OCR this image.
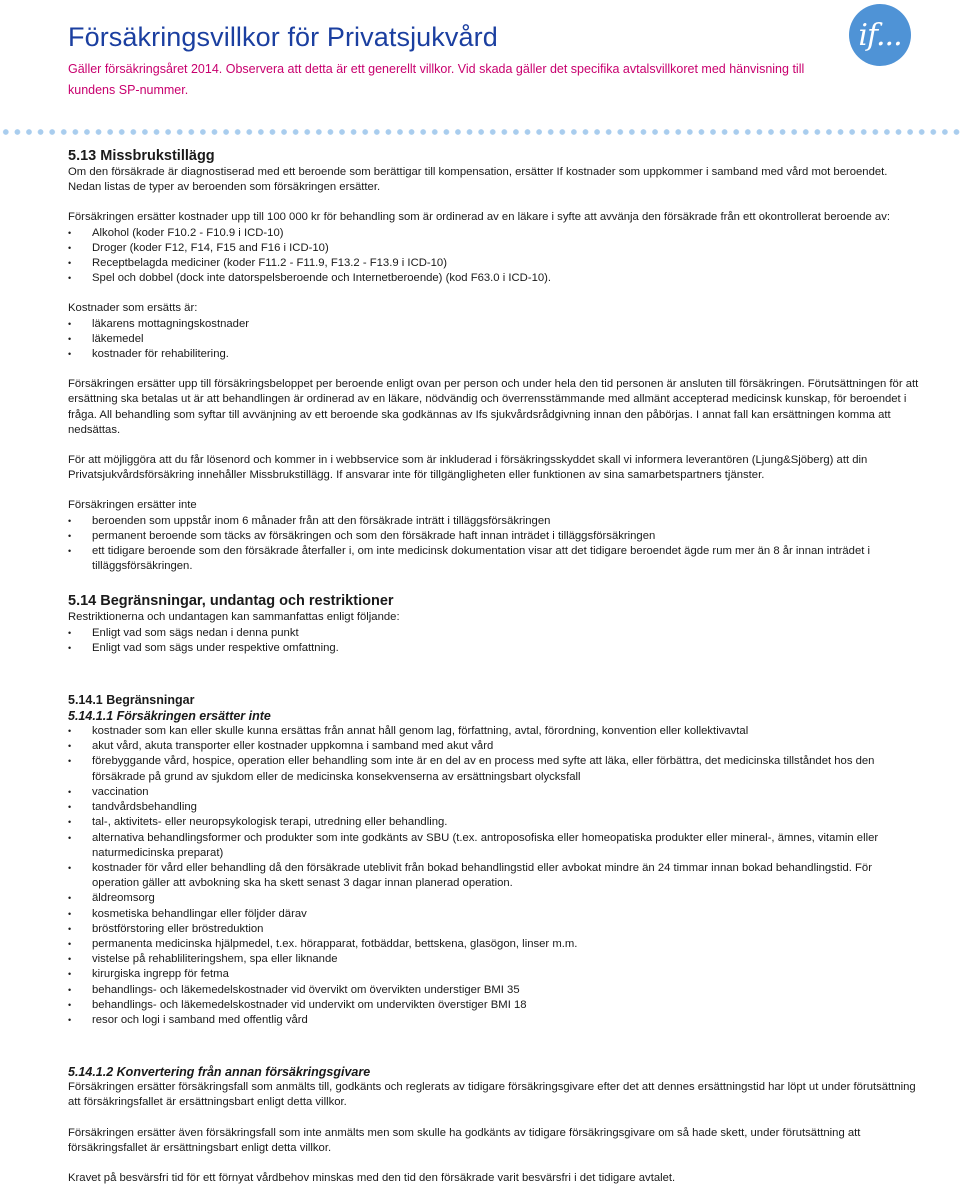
Försäkringsvillkor för Privatsjukvård
Gäller försäkringsåret 2014. Observera att detta är ett generellt villkor. Vid skada gäller det specifika avtalsvillkoret med hänvisning till kundens SP-nummer.
if...
5.13 Missbrukstillägg

Om den försäkrade är diagnostiserad med ett beroende som berättigar till kompensation, ersätter If kostnader som uppkommer i samband med vård mot beroendet. Nedan listas de typer av beroenden som försäkringen ersätter.

Försäkringen ersätter kostnader upp till 100 000 kr för behandling som är ordinerad av en läkare i syfte att avvänja den försäkrade från ett okontrollerat beroende av:

• Alkohol (koder F10.2 - F10.9 i ICD-10)
• Droger (koder F12, F14, F15 and F16 i ICD-10)
• Receptbelagda mediciner (koder F11.2 - F11.9, F13.2 - F13.9 i ICD-10)
• Spel och dobbel (dock inte datorspelsberoende och Internetberoende) (kod F63.0 i ICD-10).

Kostnader som ersätts är:

• läkarens mottagningskostnader
• läkemedel
• kostnader för rehabilitering.

Försäkringen ersätter upp till försäkringsbeloppet per beroende enligt ovan per person och under hela den tid personen är ansluten till försäkringen. Förutsättningen för att ersättning ska betalas ut är att behandlingen är ordinerad av en läkare, nödvändig och överrensstämmande med allmänt accepterad medicinsk kunskap, för beroendet i fråga. All behandling som syftar till avvänjning av ett beroende ska godkännas av Ifs sjukvårdsrådgivning innan den påbörjas. I annat fall kan ersättningen komma att nedsättas.

För att möjliggöra att du får lösenord och kommer in i webbservice som är inkluderad i försäkringsskyddet skall vi informera leverantören (Ljung&Sjöberg) att din Privatsjukvårdsförsäkring innehåller Missbrukstillägg. If ansvarar inte för tillgängligheten eller funktionen av sina samarbetspartners tjänster.

Försäkringen ersätter inte

• beroenden som uppstår inom 6 månader från att den försäkrade inträtt i tilläggsförsäkringen
• permanent beroende som täcks av försäkringen och som den försäkrade haft innan inträdet i tilläggsförsäkringen
• ett tidigare beroende som den försäkrade återfaller i, om inte medicinsk dokumentation visar att det tidigare beroendet ägde rum mer än 8 år innan inträdet i tilläggsförsäkringen.
5.14 Begränsningar, undantag och restriktioner

Restriktionerna och undantagen kan sammanfattas enligt följande:

• Enligt vad som sägs nedan i denna punkt
• Enligt vad som sägs under respektive omfattning.
5.14.1 Begränsningar
5.14.1.1 Försäkringen ersätter inte
• kostnader som kan eller skulle kunna ersättas från annat håll genom lag, författning, avtal, förordning, konvention eller kollektivavtal
• akut vård, akuta transporter eller kostnader uppkomna i samband med akut vård
• förebyggande vård, hospice, operation eller behandling som inte är en del av en process med syfte att läka, eller förbättra, det medicinska tillståndet hos den försäkrade på grund av sjukdom eller de medicinska konsekvenserna av ersättningsbart olycksfall
• vaccination
• tandvårdsbehandling
• tal-, aktivitets- eller neuropsykologisk terapi, utredning eller behandling.
• alternativa behandlingsformer och produkter som inte godkänts av SBU (t.ex. antroposofiska eller homeopatiska produkter eller mineral-, ämnes, vitamin eller naturmedicinska preparat)
• kostnader för vård eller behandling då den försäkrade uteblivit från bokad behandlingstid eller avbokat mindre än 24 timmar innan bokad behandlingstid. För operation gäller att avbokning ska ha skett senast 3 dagar innan planerad operation.
• äldreomsorg
• kosmetiska behandlingar eller följder därav
• bröstförstoring eller bröstreduktion
• permanenta medicinska hjälpmedel, t.ex. hörapparat, fotbäddar, bettskena, glasögon, linser m.m.
• vistelse på rehabliliteringshem, spa eller liknande
• kirurgiska ingrepp för fetma
• behandlings- och läkemedelskostnader vid övervikt om övervikten understiger BMI 35
• behandlings- och läkemedelskostnader vid undervikt om undervikten överstiger BMI 18
• resor och logi i samband med offentlig vård
5.14.1.2 Konvertering från annan försäkringsgivare

Försäkringen ersätter försäkringsfall som anmälts till, godkänts och reglerats av tidigare försäkringsgivare efter det att dennes ersättningstid har löpt ut under förutsättning att försäkringsfallet är ersättningsbart enligt detta villkor.

Försäkringen ersätter även försäkringsfall som inte anmälts men som skulle ha godkänts av tidigare försäkringsgivare om så hade skett, under förutsättning att försäkringsfallet är ersättningsbart enligt detta villkor.

Kravet på besvärsfri tid för ett förnyat vårdbehov minskas med den tid den försäkrade varit besvärsfri i det tidigare avtalet.
